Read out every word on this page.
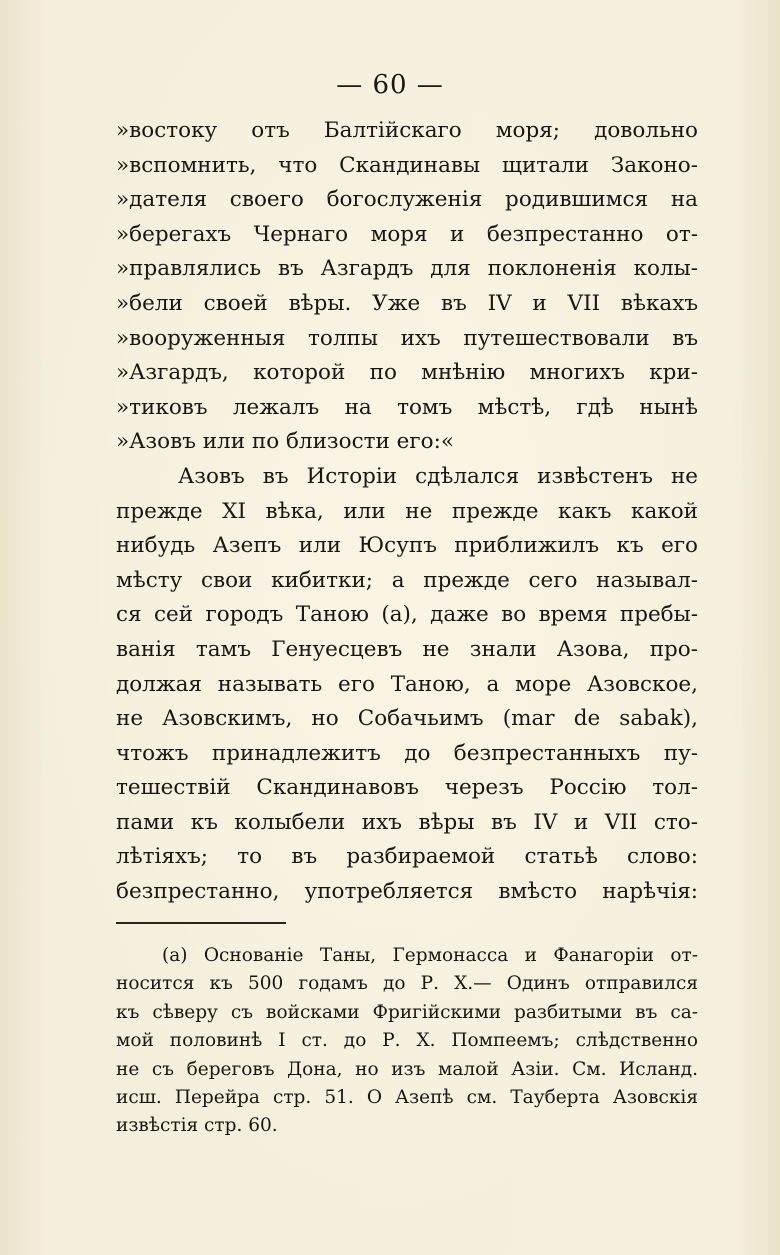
— 60 —
»востоку отъ Балтійскаго моря; довольно
»вспомнить, что Скандинавы щитали Законо-
»дателя своего богослуженія родившимся на
»берегахъ Чернаго моря и безпрестанно от-
»правлялись въ Азгардъ для поклоненія колы-
»бели своей вѣры. Уже въ IV и VII вѣкахъ
»вооруженныя толпы ихъ путешествовали въ
»Азгардъ, которой по мнѣнію многихъ кри-
»тиковъ лежалъ на томъ мѣстѣ, гдѣ нынѣ
»Азовъ или по близости его:«
Азовъ въ Исторіи сдѣлался извѣстенъ не
прежде XI вѣка, или не прежде какъ какой
нибудь Азепъ или Юсупъ приближилъ къ его
мѣсту свои кибитки; а прежде сего называл-
ся сей городъ Таною (а), даже во время пребы-
ванія тамъ Генуесцевъ не знали Азова, про-
должая называть его Таною, а море Азовское,
не Азовскимъ, но Собачьимъ (mar de sabak),
чтожъ принадлежитъ до безпрестанныхъ пу-
тешествій Скандинавовъ черезъ Россію тол-
пами къ колыбели ихъ вѣры въ IV и VII сто-
лѣтіяхъ; то въ разбираемой статьѣ слово:
безпрестанно, употребляется вмѣсто нарѣчія:
(а) Основаніе Таны, Гермонасса и Фанагоріи от-
носится къ 500 годамъ до Р. Х.— Одинъ отправился
къ сѣверу съ войсками Фригійскими разбитыми въ са-
мой половинѣ I ст. до Р. Х. Помпеемъ; слѣдственно
не съ береговъ Дона, но изъ малой Азіи. См. Исланд.
исш. Перейра стр. 51. О Азепѣ см. Тауберта Азовскія
извѣстія стр. 60.
